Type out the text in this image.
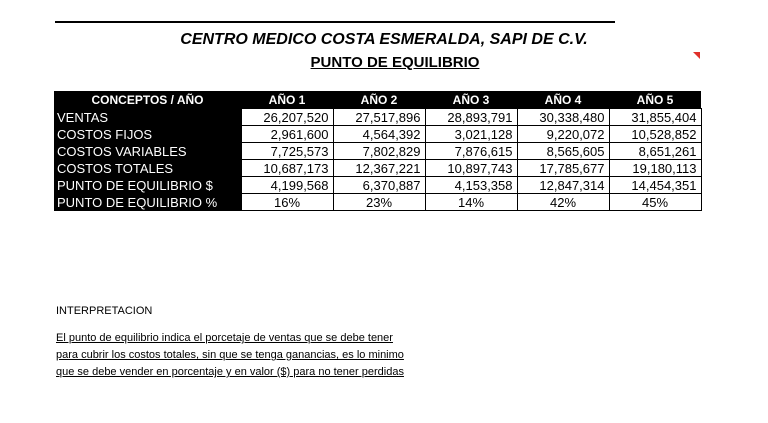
CENTRO MEDICO COSTA ESMERALDA, SAPI DE C.V.
PUNTO DE EQUILIBRIO
CONCEPTOS / AÑO	AÑO 1	AÑO 2	AÑO 3	AÑO 4	AÑO 5
VENTAS	26,207,520	27,517,896	28,893,791	30,338,480	31,855,404
COSTOS FIJOS	2,961,600	4,564,392	3,021,128	9,220,072	10,528,852
COSTOS VARIABLES	7,725,573	7,802,829	7,876,615	8,565,605	8,651,261
COSTOS TOTALES	10,687,173	12,367,221	10,897,743	17,785,677	19,180,113
PUNTO DE EQUILIBRIO $	4,199,568	6,370,887	4,153,358	12,847,314	14,454,351
PUNTO DE EQUILIBRIO %	16%	23%	14%	42%	45%
INTERPRETACION
El punto de equilibrio indica el porcetaje de ventas que se debe tener
para cubrir los costos totales, sin que se tenga ganancias, es lo minimo
que se debe vender en porcentaje y en valor ($) para no tener perdidas
